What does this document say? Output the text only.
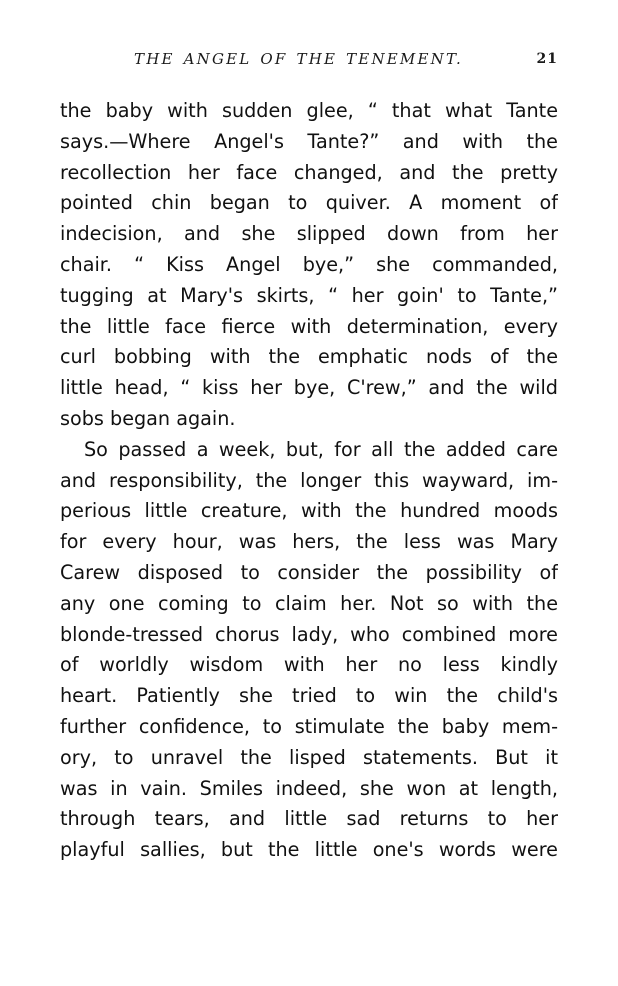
THE ANGEL OF THE TENEMENT.	21
the baby with sudden glee, “ that what Tante
says.—Where Angel's Tante?” and with the
recollection her face changed, and the pretty
pointed chin began to quiver. A moment of
indecision, and she slipped down from her
chair. “ Kiss Angel bye,” she commanded,
tugging at Mary's skirts, “ her goin' to Tante,”
the little face fierce with determination, every
curl bobbing with the emphatic nods of the
little head, “ kiss her bye, C'rew,” and the wild
sobs began again.
So passed a week, but, for all the added care
and responsibility, the longer this wayward, im-
perious little creature, with the hundred moods
for every hour, was hers, the less was Mary
Carew disposed to consider the possibility of
any one coming to claim her. Not so with the
blonde-tressed chorus lady, who combined more
of worldly wisdom with her no less kindly
heart. Patiently she tried to win the child's
further confidence, to stimulate the baby mem-
ory, to unravel the lisped statements. But it
was in vain. Smiles indeed, she won at length,
through tears, and little sad returns to her
playful sallies, but the little one's words were
